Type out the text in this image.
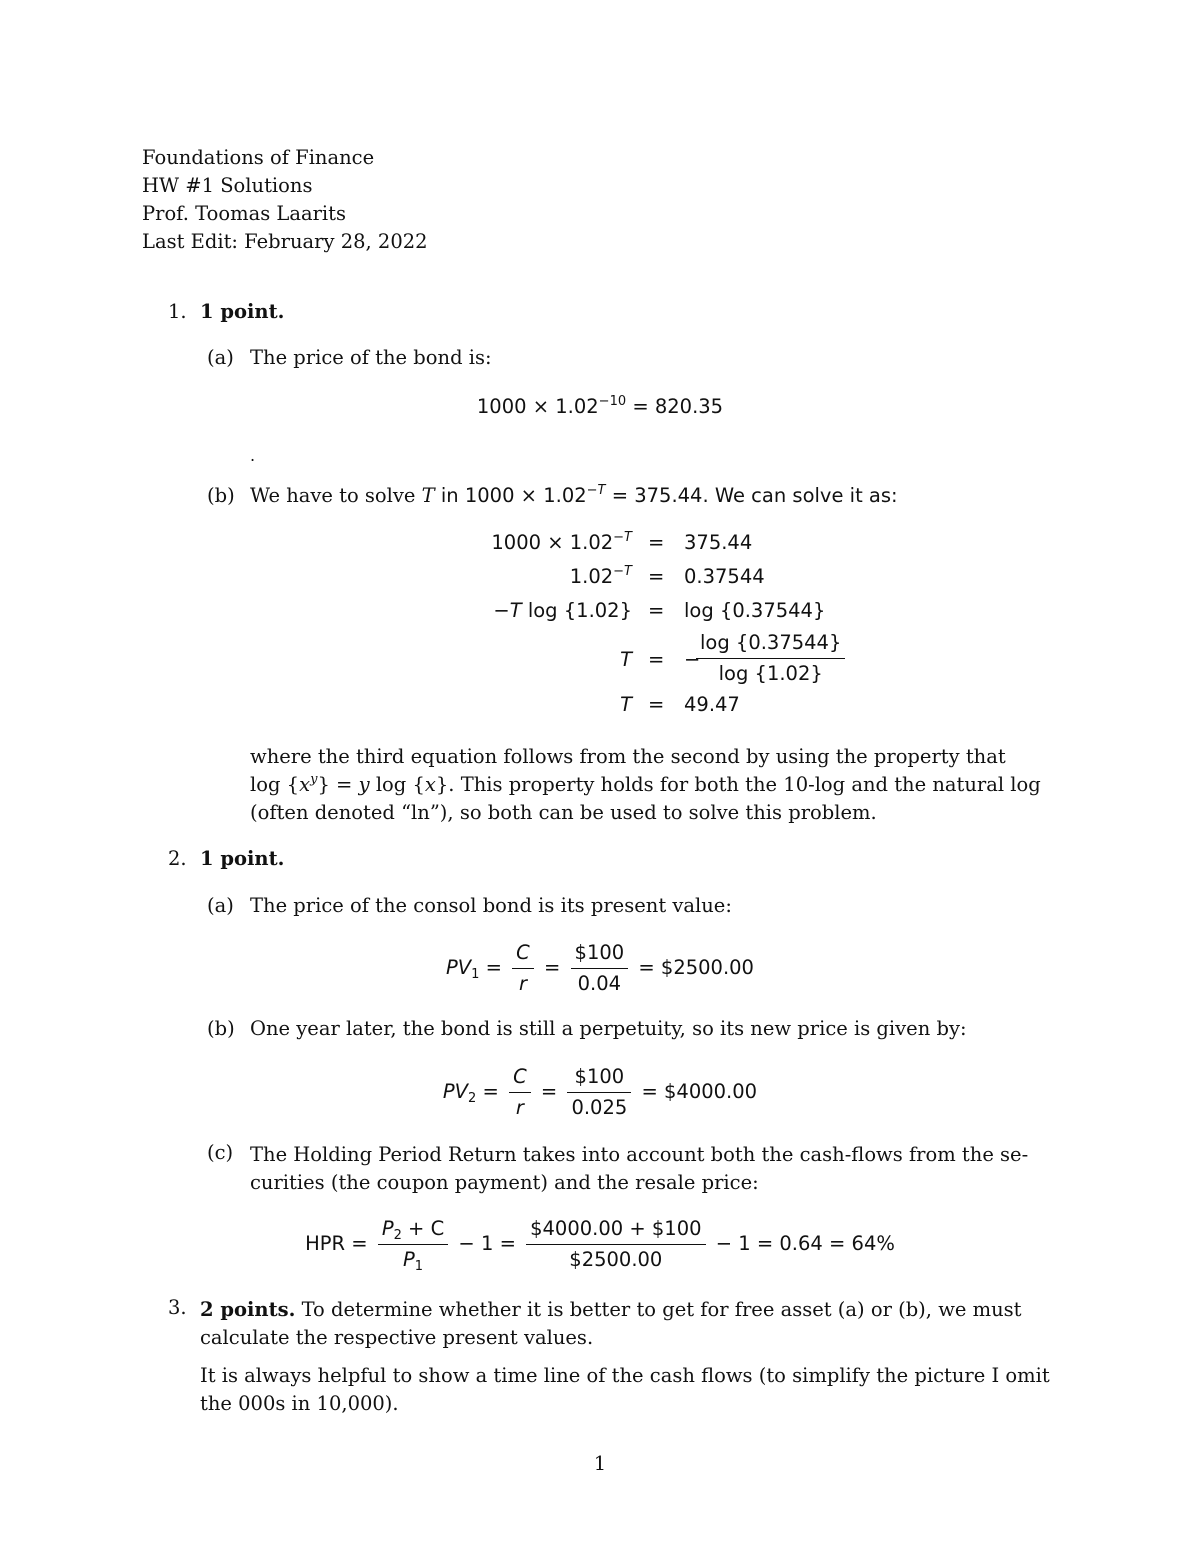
Foundations of Finance
HW #1 Solutions
Prof. Toomas Laarits
Last Edit: February 28, 2022
1. 1 point.
(a) The price of the bond is:
$1000 \times 1.02^{-10} = 820.35$
.
(b) We have to solve T in $1000 \times 1.02^{-T} = 375.44$. We can solve it as:
$1000 \times 1.02^{-T} = 375.44$
$1.02^{-T} = 0.37544$
−T log {1.02} = log {0.37544}
T = −
$\frac{\log \{0.37544\}}{\log \{1.02\}}$
T = 49.47
where the third equation follows from the second by using the property that
$\log \{x^y\} = y$ log {x}. This property holds for both the 10-log and the natural log
(often denoted “ln”), so both can be used to solve this problem.
2. 1 point.
(a) The price of the consol bond is its present value:
$PV_1 = \frac{C}{r} = \frac{\$100}{0.04}$ = $2500.00
(b) One year later, the bond is still a perpetuity, so its new price is given by:
$PV_2 = \frac{C}{r} = \frac{\$100}{0.025}$ = $4000.00
(c) The Holding Period Return takes into account both the cash-flows from the se-
curities (the coupon payment) and the resale price:
HPR = $\frac{P_2 + C}{P_1} - 1 = \frac{\$4000.00 + \$100}{\$2500.00} - 1 = 0.64 = 64\%$
3. 2 points. To determine whether it is better to get for free asset (a) or (b), we must
calculate the respective present values.
It is always helpful to show a time line of the cash flows (to simplify the picture I omit
the 000s in 10,000).
1
